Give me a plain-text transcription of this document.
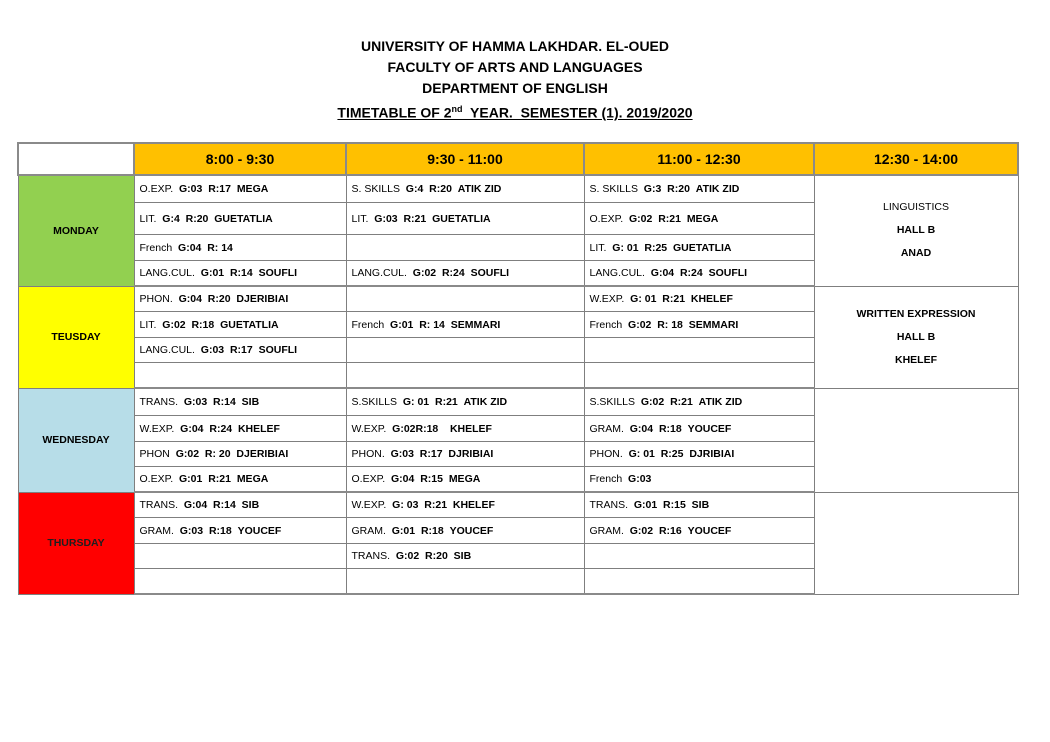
UNIVERSITY OF HAMMA LAKHDAR. EL-OUED

FACULTY OF ARTS AND LANGUAGES

DEPARTMENT OF ENGLISH

TIMETABLE OF 2nd  YEAR.  SEMESTER (1). 2019/2020

	8:00 - 9:30	9:30 - 11:00	11:00 - 12:30	12:30 - 14:00
MONDAY	O.EXP. G:03 R:17 MEGA	S. SKILLS G:4 R:20 ATIK ZID	S. SKILLS G:3 R:20 ATIK ZID	LINGUISTICS
HALL B
ANAD

	LIT. G:4 R:20 GUETATLIA	LIT. G:03 R:21 GUETATLIA	O.EXP. G:02 R:21 MEGA	
	French G:04 R: 14		LIT. G: 01 R:25 GUETATLIA	
	LANG.CUL. G:01 R:14 SOUFLI	LANG.CUL. G:02 R:24 SOUFLI	LANG.CUL. G:04 R:24 SOUFLI	
TEUSDAY	PHON. G:04 R:20 DJERIBIAI		W.EXP. G: 01 R:21 KHELEF	WRITTEN EXPRESSION
HALL B
KHELEF

	LIT. G:02 R:18 GUETATLIA	French G:01 R: 14 SEMMARI	French G:02 R: 18 SEMMARI	
	LANG.CUL. G:03 R:17 SOUFLI			

WEDNESDAY	TRANS. G:03 R:14 SIB	S.SKILLS G: 01 R:21 ATIK ZID	S.SKILLS G:02 R:21 ATIK ZID	

	W.EXP. G:04 R:24 KHELEF	W.EXP. G:02R:18 KHELEF	GRAM. G:04 R:18 YOUCEF	
	PHON G:02 R: 20 DJERIBIAI	PHON. G:03 R:17 DJRIBIAI	PHON. G: 01 R:25 DJRIBIAI	
	O.EXP. G:01 R:21 MEGA	O.EXP. G:04 R:15 MEGA	French G:03	
THURSDAY	TRANS. G:04 R:14 SIB	W.EXP. G: 03 R:21 KHELEF	TRANS. G:01 R:15 SIB	

	GRAM. G:03 R:18 YOUCEF	GRAM. G:01 R:18 YOUCEF	GRAM. G:02 R:16 YOUCEF	
		TRANS. G:02 R:20 SIB		
